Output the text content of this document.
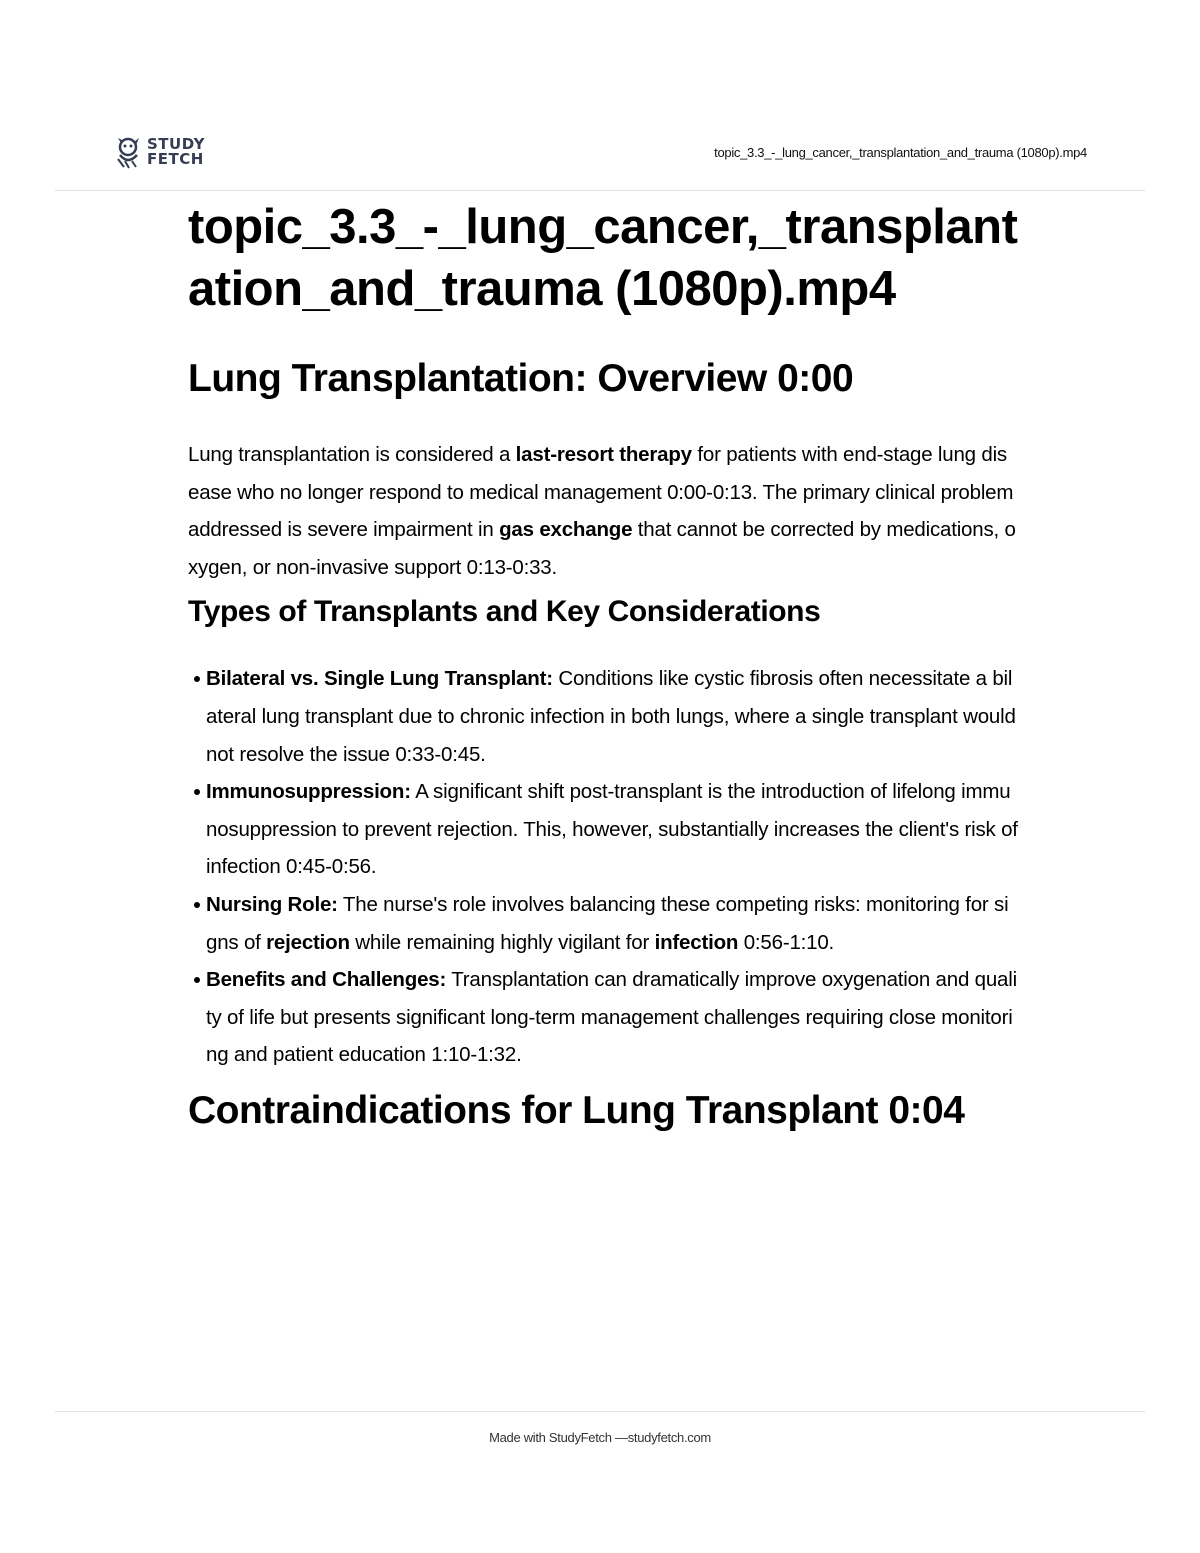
STUDY
FETCH	topic_3.3_-_lung_cancer,_transplantation_and_trauma (1080p).mp4
topic_3.3_-_lung_cancer,_transplantation_and_trauma (1080p).mp4
Lung Transplantation: Overview 0:00

Lung transplantation is considered a last-resort therapy for patients with end-stage lung disease who no longer respond to medical management 0:00-0:13. The primary clinical problem addressed is severe impairment in gas exchange that cannot be corrected by medications, oxygen, or non-invasive support 0:13-0:33.

Types of Transplants and Key Considerations
Bilateral vs. Single Lung Transplant: Conditions like cystic fibrosis often necessitate a bilateral lung transplant due to chronic infection in both lungs, where a single transplant would not resolve the issue 0:33-0:45.
Immunosuppression: A significant shift post-transplant is the introduction of lifelong immunosuppression to prevent rejection. This, however, substantially increases the client's risk of infection 0:45-0:56.
Nursing Role: The nurse's role involves balancing these competing risks: monitoring for signs of rejection while remaining highly vigilant for infection 0:56-1:10.
Benefits and Challenges: Transplantation can dramatically improve oxygenation and quality of life but presents significant long-term management challenges requiring close monitoring and patient education 1:10-1:32.
Contraindications for Lung Transplant 0:04
Made with StudyFetch —studyfetch.com
